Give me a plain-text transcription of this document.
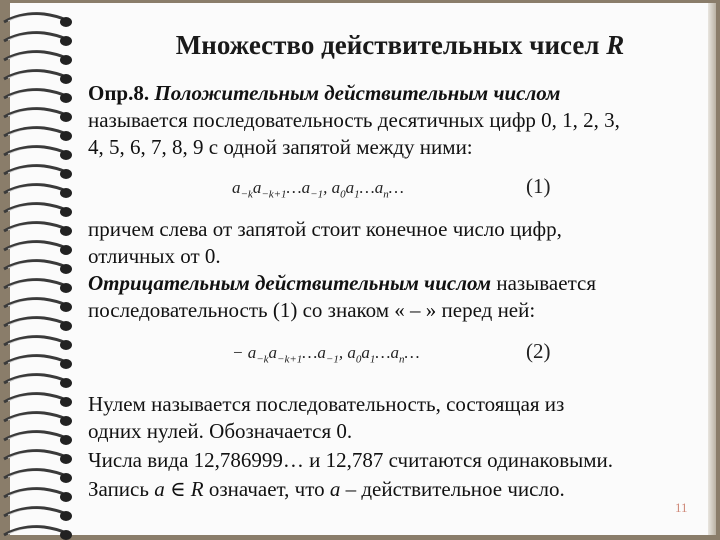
Множество действительных чисел R
Опр.8. Положительным действительным числом
называется последовательность десятичных цифр 0, 1, 2, 3,
4, 5, 6, 7, 8, 9 с одной запятой между ними:
$a_{-k}a_{-k+1}\dots a_{-1}$, $a_0a_1\dots a_n\dots$	(1)
причем слева от запятой стоит конечное число цифр,
отличных от 0.
Отрицательным действительным числом называется
последовательность (1) со знаком « – » перед ней:
− $a_{-k}a_{-k+1}\dots a_{-1}$, $a_0a_1\dots a_n\dots$	(2)
Нулем называется последовательность, состоящая из
одних нулей. Обозначается 0.
Числа вида 12,786999… и 12,787 считаются одинаковыми.
Запись a ∈ R означает, что a – действительное число.
11
